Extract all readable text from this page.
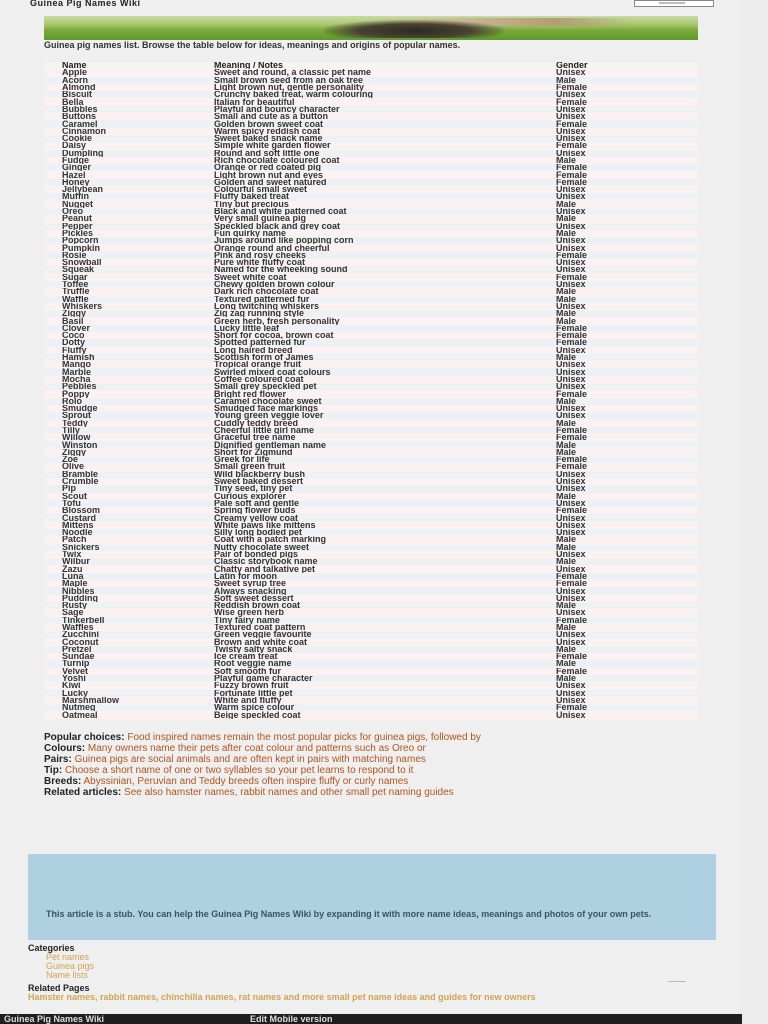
Guinea Pig Names Wiki

Guinea pig names list. Browse the table below for ideas, meanings and origins of popular names.

Name	Meaning / Notes	Gender
Apple	Sweet and round, a classic pet name	Unisex
Acorn	Small brown seed from an oak tree	Male
Almond	Light brown nut, gentle personality	Female
Biscuit	Crunchy baked treat, warm colouring	Unisex
Bella	Italian for beautiful	Female
Bubbles	Playful and bouncy character	Unisex
Buttons	Small and cute as a button	Unisex
Caramel	Golden brown sweet coat	Female
Cinnamon	Warm spicy reddish coat	Unisex
Cookie	Sweet baked snack name	Unisex
Daisy	Simple white garden flower	Female
Dumpling	Round and soft little one	Unisex
Fudge	Rich chocolate coloured coat	Male
Ginger	Orange or red coated pig	Female
Hazel	Light brown nut and eyes	Female
Honey	Golden and sweet natured	Female
Jellybean	Colourful small sweet	Unisex
Muffin	Fluffy baked treat	Unisex
Nugget	Tiny but precious	Male
Oreo	Black and white patterned coat	Unisex
Peanut	Very small guinea pig	Male
Pepper	Speckled black and grey coat	Unisex
Pickles	Fun quirky name	Male
Popcorn	Jumps around like popping corn	Unisex
Pumpkin	Orange round and cheerful	Unisex
Rosie	Pink and rosy cheeks	Female
Snowball	Pure white fluffy coat	Unisex
Squeak	Named for the wheeking sound	Unisex
Sugar	Sweet white coat	Female
Toffee	Chewy golden brown colour	Unisex
Truffle	Dark rich chocolate coat	Male
Waffle	Textured patterned fur	Male
Whiskers	Long twitching whiskers	Unisex
Ziggy	Zig zag running style	Male
Basil	Green herb, fresh personality	Male
Clover	Lucky little leaf	Female
Coco	Short for cocoa, brown coat	Female
Dotty	Spotted patterned fur	Female
Fluffy	Long haired breed	Unisex
Hamish	Scottish form of James	Male
Mango	Tropical orange fruit	Unisex
Marble	Swirled mixed coat colours	Unisex
Mocha	Coffee coloured coat	Unisex
Pebbles	Small grey speckled pet	Unisex
Poppy	Bright red flower	Female
Rolo	Caramel chocolate sweet	Male
Smudge	Smudged face markings	Unisex
Sprout	Young green veggie lover	Unisex
Teddy	Cuddly teddy breed	Male
Tilly	Cheerful little girl name	Female
Willow	Graceful tree name	Female
Winston	Dignified gentleman name	Male
Ziggy	Short for Zigmund	Male
Zoe	Greek for life	Female
Olive	Small green fruit	Female
Bramble	Wild blackberry bush	Unisex
Crumble	Sweet baked dessert	Unisex
Pip	Tiny seed, tiny pet	Unisex
Scout	Curious explorer	Male
Tofu	Pale soft and gentle	Unisex
Blossom	Spring flower buds	Female
Custard	Creamy yellow coat	Unisex
Mittens	White paws like mittens	Unisex
Noodle	Silly long bodied pet	Unisex
Patch	Coat with a patch marking	Male
Snickers	Nutty chocolate sweet	Male
Twix	Pair of bonded pigs	Unisex
Wilbur	Classic storybook name	Male
Zazu	Chatty and talkative pet	Unisex
Luna	Latin for moon	Female
Maple	Sweet syrup tree	Female
Nibbles	Always snacking	Unisex
Pudding	Soft sweet dessert	Unisex
Rusty	Reddish brown coat	Male
Sage	Wise green herb	Unisex
Tinkerbell	Tiny fairy name	Female
Waffles	Textured coat pattern	Male
Zucchini	Green veggie favourite	Unisex
Coconut	Brown and white coat	Unisex
Pretzel	Twisty salty snack	Male
Sundae	Ice cream treat	Female
Turnip	Root veggie name	Male
Velvet	Soft smooth fur	Female
Yoshi	Playful game character	Male
Kiwi	Fuzzy brown fruit	Unisex
Lucky	Fortunate little pet	Unisex
Marshmallow	White and fluffy	Unisex
Nutmeg	Warm spice colour	Female
Oatmeal	Beige speckled coat	Unisex

Popular choices: Food inspired names remain the most popular picks for guinea pigs, followed by

Colours: Many owners name their pets after coat colour and patterns such as Oreo or

Pairs: Guinea pigs are social animals and are often kept in pairs with matching names

Tip: Choose a short name of one or two syllables so your pet learns to respond to it

Breeds: Abyssinian, Peruvian and Teddy breeds often inspire fluffy or curly names

Related articles: See also hamster names, rabbit names and other small pet naming guides

This article is a stub. You can help the Guinea Pig Names Wiki by expanding it with more name ideas, meanings and photos of your own pets.
Categories
Pet names
Guinea pigs
Name lists
Related Pages
Hamster names, rabbit names, chinchilla names, rat names and more small pet name ideas and guides for new owners
Guinea Pig Names Wiki	Edit Mobile version
